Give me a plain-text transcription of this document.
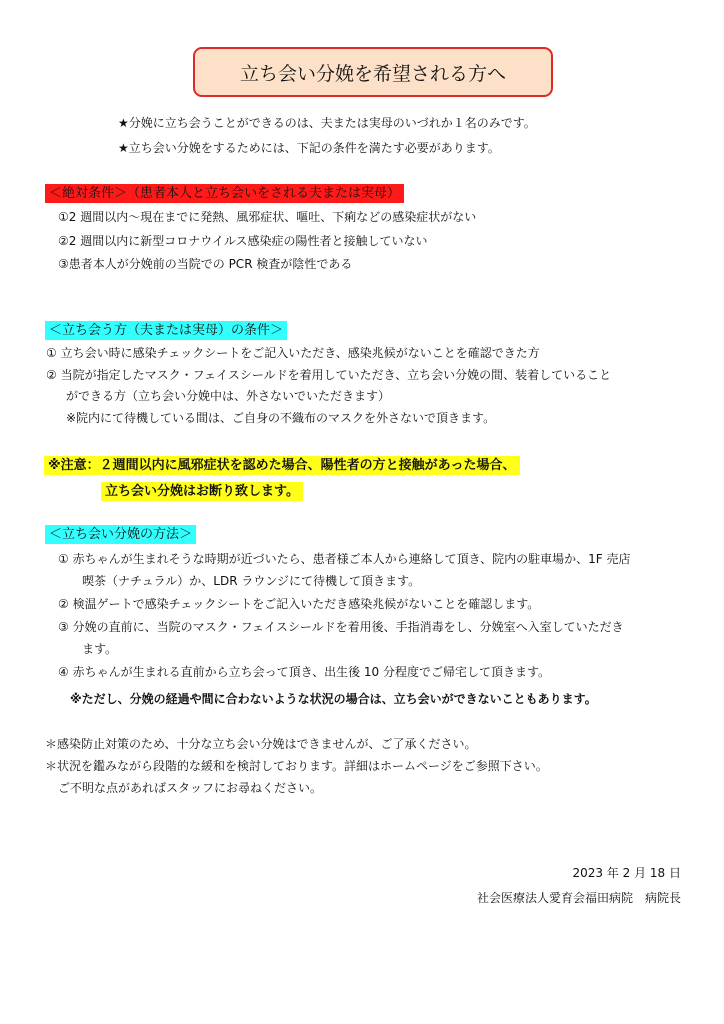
立ち会い分娩を希望される方へ
★分娩に立ち会うことができるのは、夫または実母のいづれか１名のみです。
★立ち会い分娩をするためには、下記の条件を満たす必要があります。
＜絶対条件＞（患者本人と立ち会いをされる夫または実母）
①2 週間以内～現在までに発熱、風邪症状、嘔吐、下痢などの感染症状がない
②2 週間以内に新型コロナウイルス感染症の陽性者と接触していない
③患者本人が分娩前の当院での PCR 検査が陰性である
＜立ち会う方（夫または実母）の条件＞
① 立ち会い時に感染チェックシートをご記入いただき、感染兆候がないことを確認できた方
② 当院が指定したマスク・フェイスシールドを着用していただき、立ち会い分娩の間、装着していること
ができる方（立ち会い分娩中は、外さないでいただきます）
※院内にて待機している間は、ご自身の不織布のマスクを外さないで頂きます。
※注意：２週間以内に風邪症状を認めた場合、陽性者の方と接触があった場合、
立ち会い分娩はお断り致します。
＜立ち会い分娩の方法＞
① 赤ちゃんが生まれそうな時期が近づいたら、患者様ご本人から連絡して頂き、院内の駐車場か、1F 売店
喫茶（ナチュラル）か、LDR ラウンジにて待機して頂きます。
② 検温ゲートで感染チェックシートをご記入いただき感染兆候がないことを確認します。
③ 分娩の直前に、当院のマスク・フェイスシールドを着用後、手指消毒をし、分娩室へ入室していただき
ます。
④ 赤ちゃんが生まれる直前から立ち会って頂き、出生後 10 分程度でご帰宅して頂きます。
※ただし、分娩の経過や間に合わないような状況の場合は、立ち会いができないこともあります。
＊感染防止対策のため、十分な立ち会い分娩はできませんが、ご了承ください。
＊状況を鑑みながら段階的な緩和を検討しております。詳細はホームページをご参照下さい。
ご不明な点があればスタッフにお尋ねください。
2023 年 2 月 18 日
社会医療法人愛育会福田病院　病院長
